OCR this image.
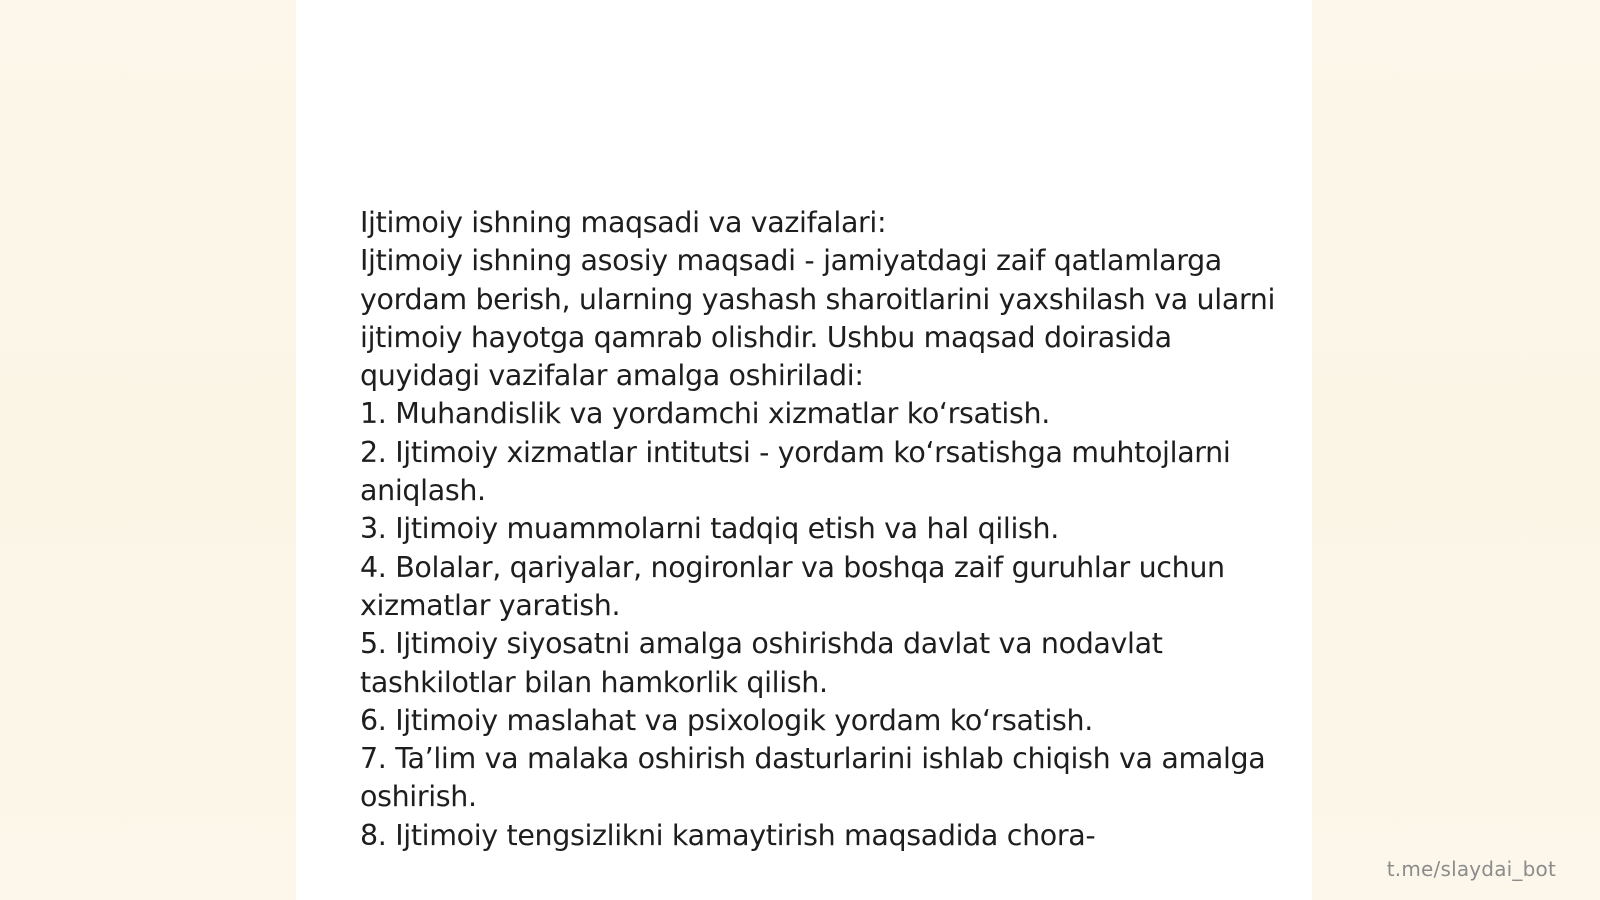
Ijtimoiy ishning maqsadi va vazifalari:
Ijtimoiy ishning asosiy maqsadi - jamiyatdagi zaif qatlamlarga yordam berish, ularning yashash sharoitlarini yaxshilash va ularni ijtimoiy hayotga qamrab olishdir. Ushbu maqsad doirasida quyidagi vazifalar amalga oshiriladi:
1. Muhandislik va yordamchi xizmatlar ko‘rsatish.
2. Ijtimoiy xizmatlar intitutsi - yordam ko‘rsatishga muhtojlarni aniqlash.
3. Ijtimoiy muammolarni tadqiq etish va hal qilish.
4. Bolalar, qariyalar, nogironlar va boshqa zaif guruhlar uchun xizmatlar yaratish.
5. Ijtimoiy siyosatni amalga oshirishda davlat va nodavlat tashkilotlar bilan hamkorlik qilish.
6. Ijtimoiy maslahat va psixologik yordam ko‘rsatish.
7. Ta’lim va malaka oshirish dasturlarini ishlab chiqish va amalga oshirish.
8. Ijtimoiy tengsizlikni kamaytirish maqsadida chora-
t.me/slaydai_bot
